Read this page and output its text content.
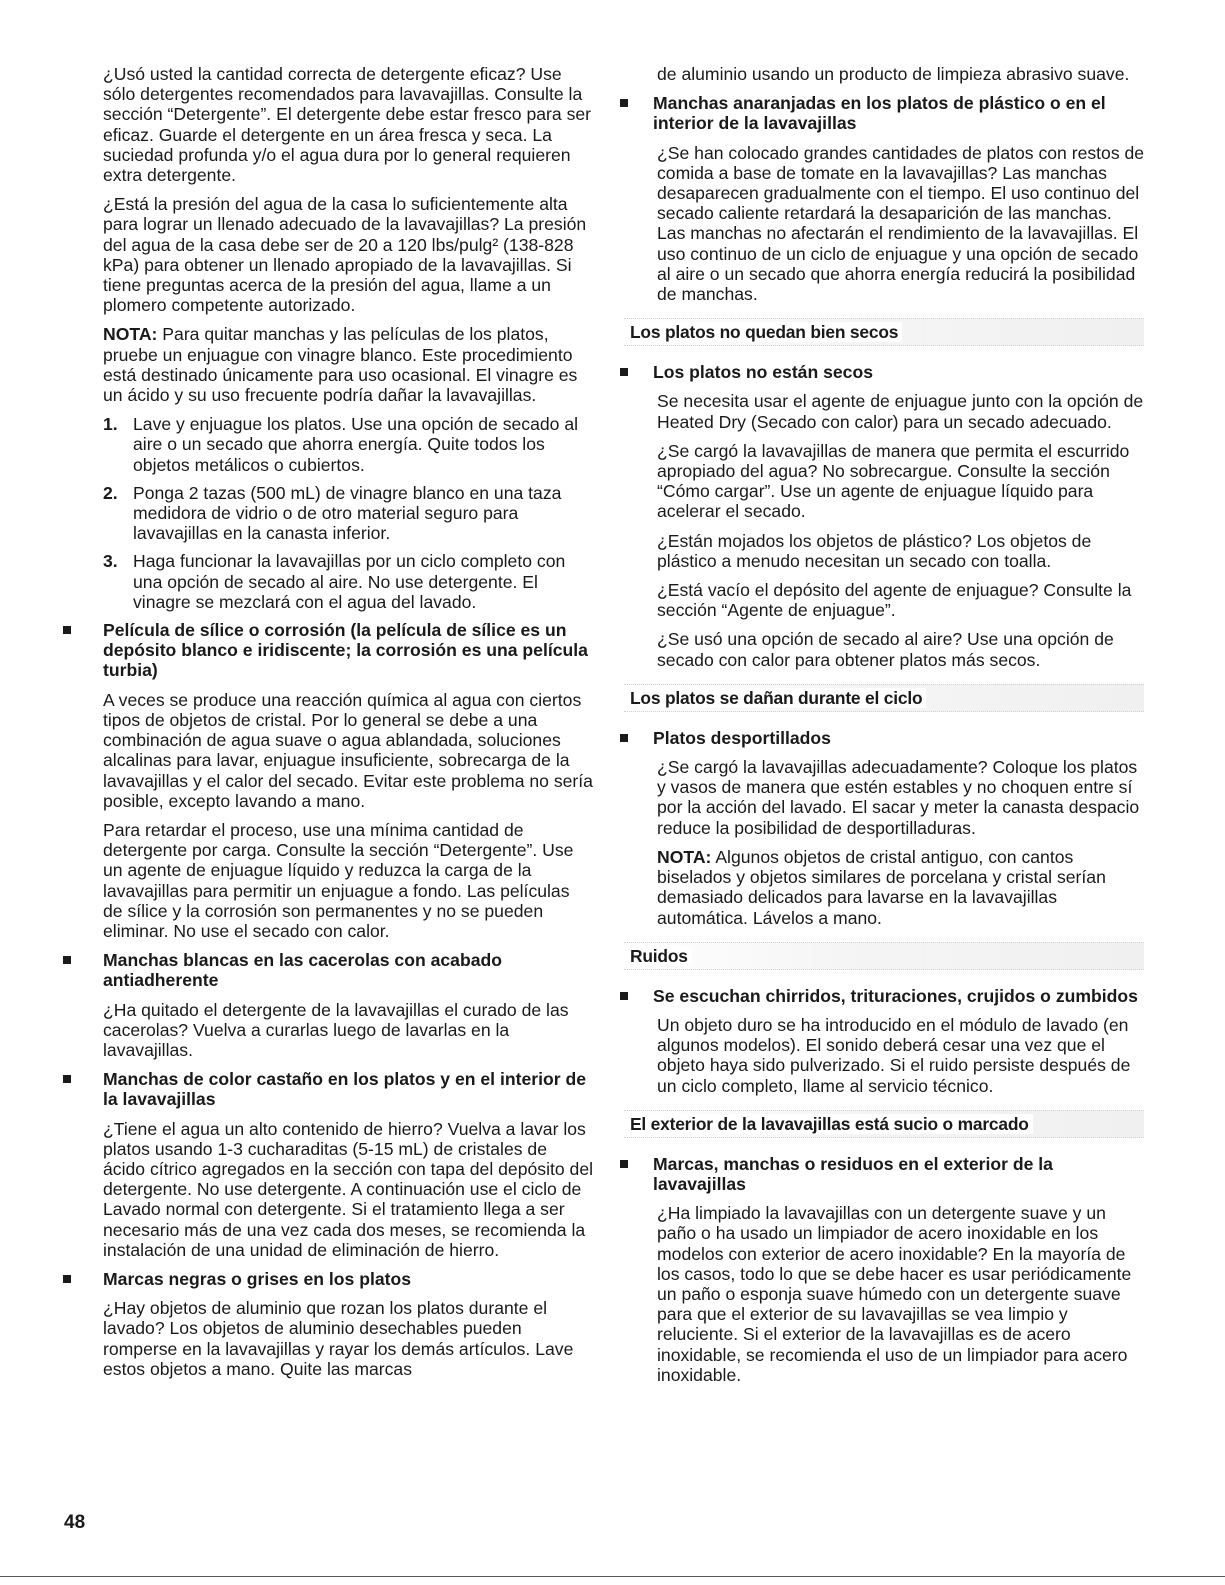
¿Usó usted la cantidad correcta de detergente eficaz? Use sólo detergentes recomendados para lavavajillas. Consulte la sección “Detergente”. El detergente debe estar fresco para ser eficaz. Guarde el detergente en un área fresca y seca. La suciedad profunda y/o el agua dura por lo general requieren extra detergente.

¿Está la presión del agua de la casa lo suficientemente alta para lograr un llenado adecuado de la lavavajillas? La presión del agua de la casa debe ser de 20 a 120 lbs/pulg² (138-828 kPa) para obtener un llenado apropiado de la lavavajillas. Si tiene preguntas acerca de la presión del agua, llame a un plomero competente autorizado.

NOTA: Para quitar manchas y las películas de los platos, pruebe un enjuague con vinagre blanco. Este procedimiento está destinado únicamente para uso ocasional. El vinagre es un ácido y su uso frecuente podría dañar la lavavajillas.

1. Lave y enjuague los platos. Use una opción de secado al aire o un secado que ahorra energía. Quite todos los objetos metálicos o cubiertos.
2. Ponga 2 tazas (500 mL) de vinagre blanco en una taza medidora de vidrio o de otro material seguro para lavavajillas en la canasta inferior.
3. Haga funcionar la lavavajillas por un ciclo completo con una opción de secado al aire. No use detergente. El vinagre se mezclará con el agua del lavado.
Película de sílice o corrosión (la película de sílice es un depósito blanco e iridiscente; la corrosión es una película turbia)

A veces se produce una reacción química al agua con ciertos tipos de objetos de cristal. Por lo general se debe a una combinación de agua suave o agua ablandada, soluciones alcalinas para lavar, enjuague insuficiente, sobrecarga de la lavavajillas y el calor del secado. Evitar este problema no sería posible, excepto lavando a mano.

Para retardar el proceso, use una mínima cantidad de detergente por carga. Consulte la sección “Detergente”. Use un agente de enjuague líquido y reduzca la carga de la lavavajillas para permitir un enjuague a fondo. Las películas de sílice y la corrosión son permanentes y no se pueden eliminar. No use el secado con calor.

Manchas blancas en las cacerolas con acabado antiadherente

¿Ha quitado el detergente de la lavavajillas el curado de las cacerolas? Vuelva a curarlas luego de lavarlas en la lavavajillas.

Manchas de color castaño en los platos y en el interior de la lavavajillas

¿Tiene el agua un alto contenido de hierro? Vuelva a lavar los platos usando 1-3 cucharaditas (5-15 mL) de cristales de ácido cítrico agregados en la sección con tapa del depósito del detergente. No use detergente. A continuación use el ciclo de Lavado normal con detergente. Si el tratamiento llega a ser necesario más de una vez cada dos meses, se recomienda la instalación de una unidad de eliminación de hierro.

Marcas negras o grises en los platos

¿Hay objetos de aluminio que rozan los platos durante el lavado? Los objetos de aluminio desechables pueden romperse en la lavavajillas y rayar los demás artículos. Lave estos objetos a mano. Quite las marcas

de aluminio usando un producto de limpieza abrasivo suave.

Manchas anaranjadas en los platos de plástico o en el interior de la lavavajillas

¿Se han colocado grandes cantidades de platos con restos de comida a base de tomate en la lavavajillas? Las manchas desaparecen gradualmente con el tiempo. El uso continuo del secado caliente retardará la desaparición de las manchas. Las manchas no afectarán el rendimiento de la lavavajillas. El uso continuo de un ciclo de enjuague y una opción de secado al aire o un secado que ahorra energía reducirá la posibilidad de manchas.

Los platos no quedan bien secos
Los platos no están secos

Se necesita usar el agente de enjuague junto con la opción de Heated Dry (Secado con calor) para un secado adecuado.

¿Se cargó la lavavajillas de manera que permita el escurrido apropiado del agua? No sobrecargue. Consulte la sección “Cómo cargar”. Use un agente de enjuague líquido para acelerar el secado.

¿Están mojados los objetos de plástico? Los objetos de plástico a menudo necesitan un secado con toalla.

¿Está vacío el depósito del agente de enjuague? Consulte la sección “Agente de enjuague”.

¿Se usó una opción de secado al aire? Use una opción de secado con calor para obtener platos más secos.

Los platos se dañan durante el ciclo
Platos desportillados

¿Se cargó la lavavajillas adecuadamente? Coloque los platos y vasos de manera que estén estables y no choquen entre sí por la acción del lavado. El sacar y meter la canasta despacio reduce la posibilidad de desportilladuras.

NOTA: Algunos objetos de cristal antiguo, con cantos biselados y objetos similares de porcelana y cristal serían demasiado delicados para lavarse en la lavavajillas automática. Lávelos a mano.

Ruidos
Se escuchan chirridos, trituraciones, crujidos o zumbidos

Un objeto duro se ha introducido en el módulo de lavado (en algunos modelos). El sonido deberá cesar una vez que el objeto haya sido pulverizado. Si el ruido persiste después de un ciclo completo, llame al servicio técnico.

El exterior de la lavavajillas está sucio o marcado
Marcas, manchas o residuos en el exterior de la lavavajillas

¿Ha limpiado la lavavajillas con un detergente suave y un paño o ha usado un limpiador de acero inoxidable en los modelos con exterior de acero inoxidable? En la mayoría de los casos, todo lo que se debe hacer es usar periódicamente un paño o esponja suave húmedo con un detergente suave para que el exterior de su lavavajillas se vea limpio y reluciente. Si el exterior de la lavavajillas es de acero inoxidable, se recomienda el uso de un limpiador para acero inoxidable.

48
